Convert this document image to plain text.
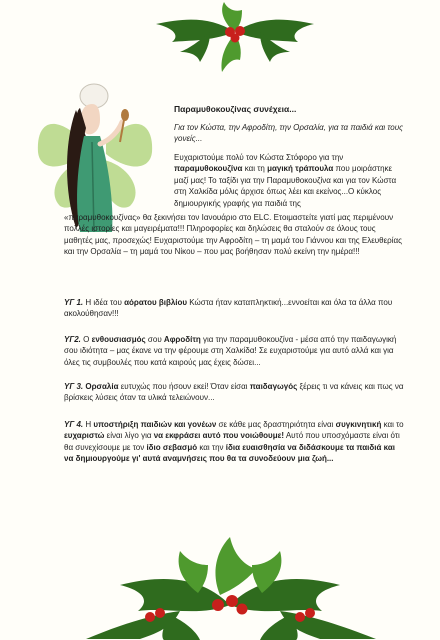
Παραμυθοκουζίνας συνέχεια...
Για τον Κώστα, την Αφροδίτη, την Ορσαλία, για τα παιδιά και τους γονείς...
Ευχαριστούμε πολύ τον Κώστα Στόφορο για την παραμυθοκουζίνα και τη μαγική τράπουλα που μοιράστηκε μαζί μας! Το ταξίδι για την Παραμυθοκουζίνα και για τον Κώστα στη Χαλκίδα μόλις άρχισε όπως λέει και εκείνος...Ο κύκλος δημιουργικής γραφής για παιδιά της
«παραμυθοκουζίνας» θα ξεκινήσει τον Ιανουάριο στο ELC. Ετοιμαστείτε γιατί μας περιμένουν πολλές ιστορίες και μαγειρέματα!!! Πληροφορίες και δηλώσεις θα σταλούν σε όλους τους μαθητές μας, προσεχώς! Ευχαριστούμε την Αφροδίτη – τη μαμά του Γιάννου και της Ελευθερίας και την Ορσαλία – τη μαμά του Νίκου – που μας βοήθησαν πολύ εκείνη την ημέρα!!!
ΥΓ 1. Η ιδέα του αόρατου βιβλίου Κώστα ήταν καταπληκτική...εννοείται και όλα τα άλλα που ακολούθησαν!!!
ΥΓ2. Ο ενθουσιασμός σου Αφροδίτη για την παραμυθοκουζίνα - μέσα από την παιδαγωγική σου ιδιότητα – μας έκανε να την φέρουμε στη Χαλκίδα! Σε ευχαριστούμε για αυτό αλλά και για όλες τις συμβουλές που κατά καιρούς μας έχεις δώσει...
ΥΓ 3. Ορσαλία ευτυχώς που ήσουν εκεί! Όταν είσαι παιδαγωγός ξέρεις τι να κάνεις και πως να βρίσκεις λύσεις όταν τα υλικά τελειώνουν...
ΥΓ 4. Η υποστήριξη παιδιών και γονέων σε κάθε μας δραστηριότητα είναι συγκινητική και το ευχαριστώ είναι λίγο για να εκφράσει αυτό που νοιώθουμε! Αυτό που υποσχόμαστε είναι ότι θα συνεχίσουμε με τον ίδιο σεβασμό και την ίδια ευαισθησία να διδάσκουμε τα παιδιά και να δημιουργούμε γι' αυτά αναμνήσεις που θα τα συνοδεύουν μια ζωή...
